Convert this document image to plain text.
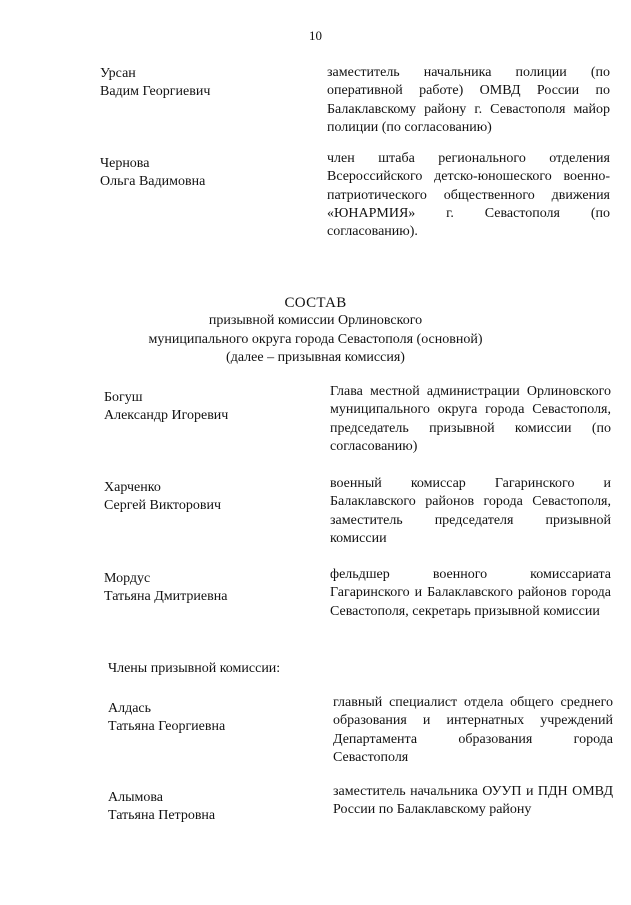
10
Урсан
Вадим Георгиевич
заместитель начальника полиции (по оперативной работе) ОМВД России по Балаклавскому району г. Севастополя майор полиции (по согласованию)
Чернова
Ольга Вадимовна
член штаба регионального отделения Всероссийского детско-юношеского военно-патриотического общественного движения «ЮНАРМИЯ» г. Севастополя (по согласованию).
СОСТАВ
призывной комиссии Орлиновского
муниципального округа города Севастополя (основной)
(далее – призывная комиссия)
Богуш
Александр Игоревич
Глава местной администрации Орлиновского муниципального округа города Севастополя, председатель призывной комиссии (по согласованию)
Харченко
Сергей Викторович
военный комиссар Гагаринского и Балаклавского районов города Севастополя, заместитель председателя призывной комиссии
Мордус
Татьяна Дмитриевна
фельдшер военного комиссариата Гагаринского и Балаклавского районов города Севастополя, секретарь призывной комиссии
Члены призывной комиссии:
Алдась
Татьяна Георгиевна
главный специалист отдела общего среднего образования и интернатных учреждений Департамента образования города Севастополя
Алымова
Татьяна Петровна
заместитель начальника ОУУП и ПДН ОМВД России по Балаклавскому району
